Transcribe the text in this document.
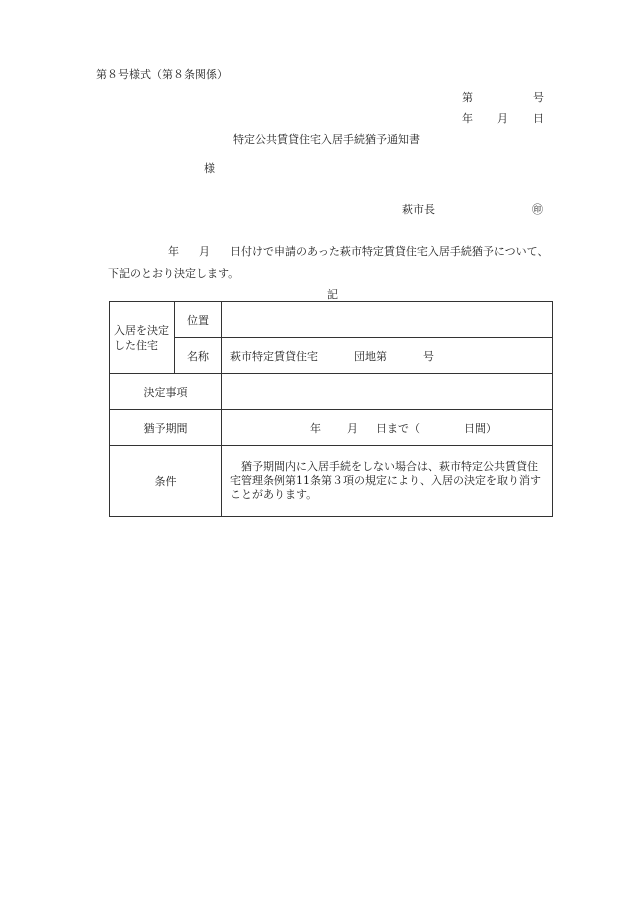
第８号様式（第８条関係）
第	号
年 月 日
特定公共賃貸住宅入居手続猶予通知書
様
萩市長	㊞
年 月 日付けで申請のあった萩市特定賃貸住宅入居手続猶予について、
下記のとおり決定します。
記
入居を決定した住宅	位置	
	名称	萩市特定賃貸住宅 団地第 号
決定事項		
猶予期間		年 月 日まで（ 日間）
条件		猶予期間内に入居手続をしない場合は、萩市特定公共賃貸住宅管理条例第11条第３項の規定により、入居の決定を取り消すことがあります。
